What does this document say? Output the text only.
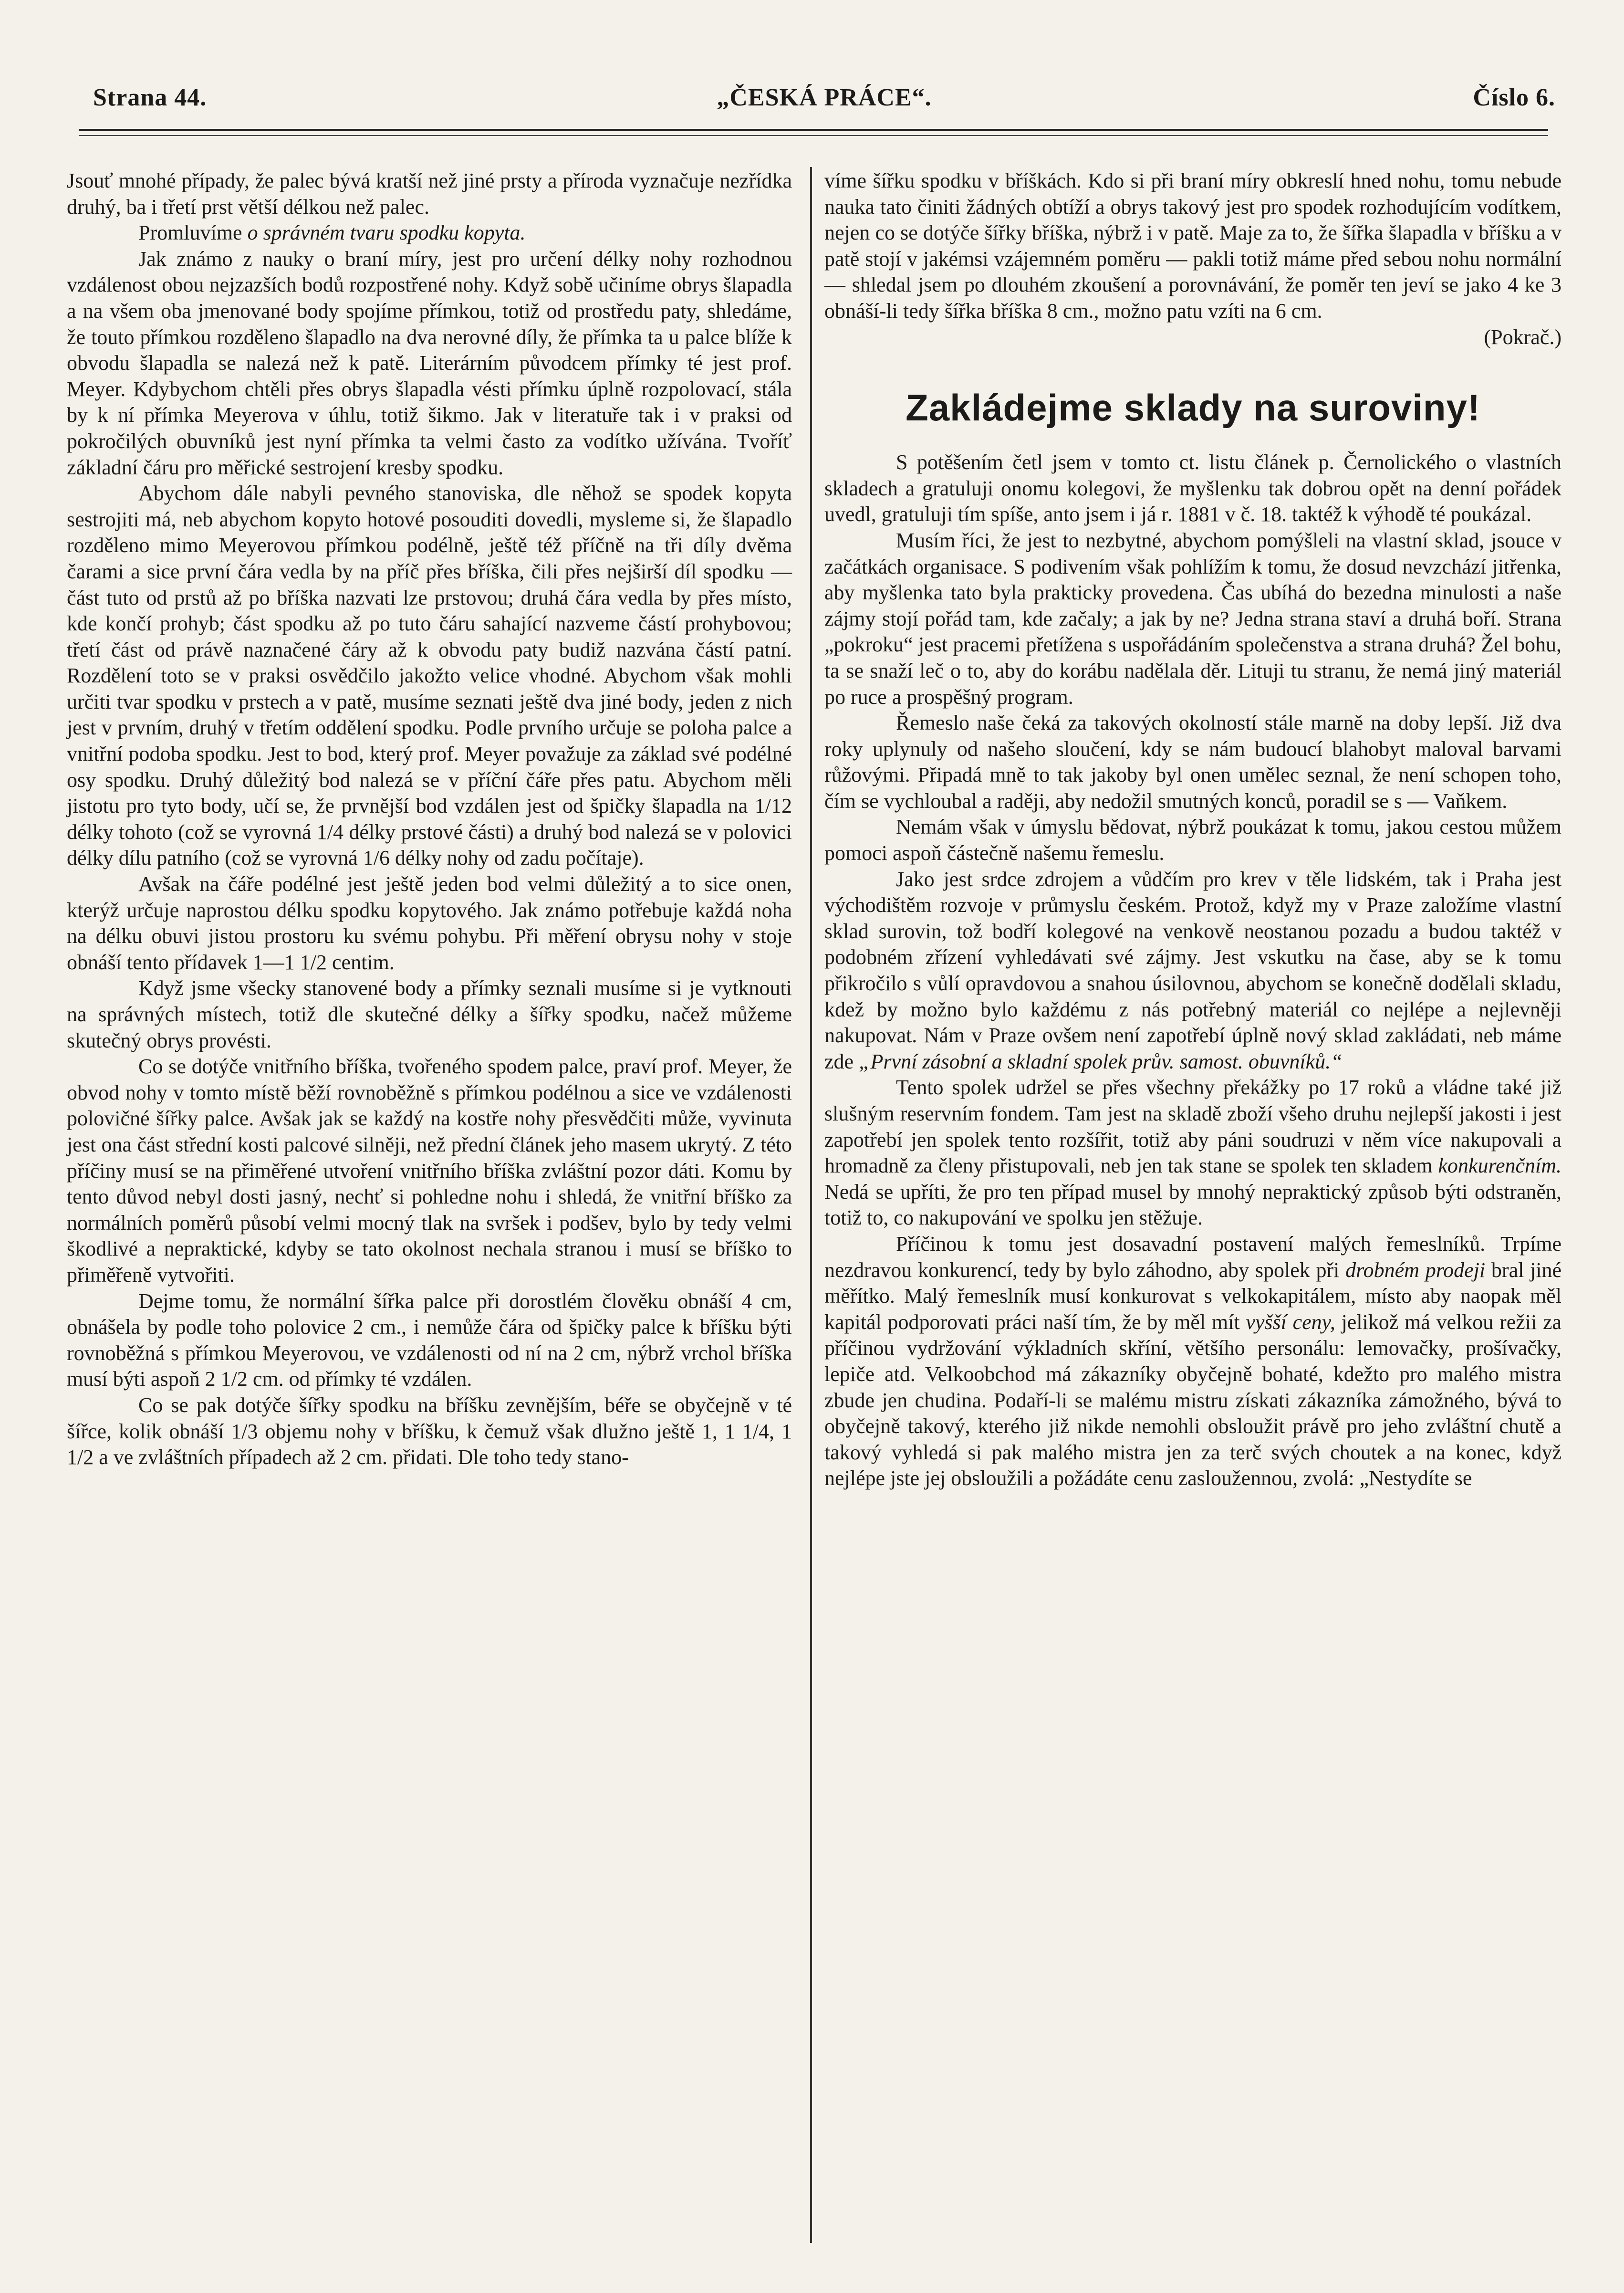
Strana 44.	„ČESKÁ PRÁCE“.	Číslo 6.

Jsouť mnohé případy, že palec bývá kratší než jiné prsty a příroda vyznačuje nezřídka druhý, ba i třetí prst větší délkou než palec.

Promluvíme o správném tvaru spodku kopyta.

Jak známo z nauky o braní míry, jest pro určení délky nohy rozhodnou vzdálenost obou nejzazších bodů rozpostřené nohy. Když sobě učiníme obrys šlapadla a na všem oba jmenované body spojíme přímkou, totiž od prostředu paty, shledáme, že touto přímkou rozděleno šlapadlo na dva nerovné díly, že přímka ta u palce blíže k obvodu šlapadla se nalezá než k patě. Literárním původcem přímky té jest prof. Meyer. Kdybychom chtěli přes obrys šlapadla vésti přímku úplně rozpolovací, stála by k ní přímka Meyerova v úhlu, totiž šikmo. Jak v literatuře tak i v praksi od pokročilých obuvníků jest nyní přímka ta velmi často za vodítko užívána. Tvoříť základní čáru pro měřické sestrojení kresby spodku.

Abychom dále nabyli pevného stanoviska, dle něhož se spodek kopyta sestrojiti má, neb abychom kopyto hotové posouditi dovedli, mysleme si, že šlapadlo rozděleno mimo Meyerovou přímkou podélně, ještě též příčně na tři díly dvěma čarami a sice první čára vedla by na příč přes bříška, čili přes nejširší díl spodku — část tuto od prstů až po bříška nazvati lze prstovou; druhá čára vedla by přes místo, kde končí prohyb; část spodku až po tuto čáru sahající nazveme částí prohybovou; třetí část od právě naznačené čáry až k obvodu paty budiž nazvána částí patní. Rozdělení toto se v praksi osvědčilo jakožto velice vhodné. Abychom však mohli určiti tvar spodku v prstech a v patě, musíme seznati ještě dva jiné body, jeden z nich jest v prvním, druhý v třetím oddělení spodku. Podle prvního určuje se poloha palce a vnitřní podoba spodku. Jest to bod, který prof. Meyer považuje za základ své podélné osy spodku. Druhý důležitý bod nalezá se v příční čáře přes patu. Abychom měli jistotu pro tyto body, učí se, že prvnější bod vzdálen jest od špičky šlapadla na 1/12 délky tohoto (což se vyrovná 1/4 délky prstové části) a druhý bod nalezá se v polovici délky dílu patního (což se vyrovná 1/6 délky nohy od zadu počítaje).

Avšak na čáře podélné jest ještě jeden bod velmi důležitý a to sice onen, kterýž určuje naprostou délku spodku kopytového. Jak známo potřebuje každá noha na délku obuvi jistou prostoru ku svému pohybu. Při měření obrysu nohy v stoje obnáší tento přídavek 1—1 1/2 centim.

Když jsme všecky stanovené body a přímky seznali musíme si je vytknouti na správných místech, totiž dle skutečné délky a šířky spodku, načež můžeme skutečný obrys provésti.

Co se dotýče vnitřního bříška, tvořeného spodem palce, praví prof. Meyer, že obvod nohy v tomto místě běží rovnoběžně s přímkou podélnou a sice ve vzdálenosti polovičné šířky palce. Avšak jak se každý na kostře nohy přesvědčiti může, vyvinuta jest ona část střední kosti palcové silněji, než přední článek jeho masem ukrytý. Z této příčiny musí se na přiměřené utvoření vnitřního bříška zvláštní pozor dáti. Komu by tento důvod nebyl dosti jasný, nechť si pohledne nohu i shledá, že vnitřní bříško za normálních poměrů působí velmi mocný tlak na svršek i podšev, bylo by tedy velmi škodlivé a nepraktické, kdyby se tato okolnost nechala stranou i musí se bříško to přiměřeně vytvořiti.

Dejme tomu, že normální šířka palce při dorostlém člověku obnáší 4 cm, obnášela by podle toho polovice 2 cm., i nemůže čára od špičky palce k bříšku býti rovnoběžná s přímkou Meyerovou, ve vzdálenosti od ní na 2 cm, nýbrž vrchol bříška musí býti aspoň 2 1/2 cm. od přímky té vzdálen.

Co se pak dotýče šířky spodku na bříšku zevnějším, béře se obyčejně v té šířce, kolik obnáší 1/3 objemu nohy v bříšku, k čemuž však dlužno ještě 1, 1 1/4, 1 1/2 a ve zvláštních případech až 2 cm. přidati. Dle toho tedy stano-

víme šířku spodku v bříškách. Kdo si při braní míry obkreslí hned nohu, tomu nebude nauka tato činiti žádných obtíží a obrys takový jest pro spodek rozhodujícím vodítkem, nejen co se dotýče šířky bříška, nýbrž i v patě. Maje za to, že šířka šlapadla v bříšku a v patě stojí v jakémsi vzájemném poměru — pakli totiž máme před sebou nohu normální — shledal jsem po dlouhém zkoušení a porovnávání, že poměr ten jeví se jako 4 ke 3 obnáší-li tedy šířka bříška 8 cm., možno patu vzíti na 6 cm.

(Pokrač.)

Zakládejme sklady na suroviny!

S potěšením četl jsem v tomto ct. listu článek p. Černolického o vlastních skladech a gratuluji onomu kolegovi, že myšlenku tak dobrou opět na denní pořádek uvedl, gratuluji tím spíše, anto jsem i já r. 1881 v č. 18. taktéž k výhodě té poukázal.

Musím říci, že jest to nezbytné, abychom pomýšleli na vlastní sklad, jsouce v začátkách organisace. S podivením však pohlížím k tomu, že dosud nevzchází jitřenka, aby myšlenka tato byla prakticky provedena. Čas ubíhá do bezedna minulosti a naše zájmy stojí pořád tam, kde začaly; a jak by ne? Jedna strana staví a druhá boří. Strana „pokroku“ jest pracemi přetížena s uspořádáním společenstva a strana druhá? Žel bohu, ta se snaží leč o to, aby do korábu nadělala děr. Lituji tu stranu, že nemá jiný materiál po ruce a prospěšný program.

Řemeslo naše čeká za takových okolností stále marně na doby lepší. Již dva roky uplynuly od našeho sloučení, kdy se nám budoucí blahobyt maloval barvami růžovými. Připadá mně to tak jakoby byl onen umělec seznal, že není schopen toho, čím se vychloubal a raději, aby nedožil smutných konců, poradil se s — Vaňkem.

Nemám však v úmyslu bědovat, nýbrž poukázat k tomu, jakou cestou můžem pomoci aspoň částečně našemu řemeslu.

Jako jest srdce zdrojem a vůdčím pro krev v těle lidském, tak i Praha jest východištěm rozvoje v průmyslu českém. Protož, když my v Praze založíme vlastní sklad surovin, tož bodří kolegové na venkově neostanou pozadu a budou taktéž v podobném zřízení vyhledávati své zájmy. Jest vskutku na čase, aby se k tomu přikročilo s vůlí opravdovou a snahou úsilovnou, abychom se konečně dodělali skladu, kdež by možno bylo každému z nás potřebný materiál co nejlépe a nejlevněji nakupovat. Nám v Praze ovšem není zapotřebí úplně nový sklad zakládati, neb máme zde „První zásobní a skladní spolek prův. samost. obuvníků.“

Tento spolek udržel se přes všechny překážky po 17 roků a vládne také již slušným reservním fondem. Tam jest na skladě zboží všeho druhu nejlepší jakosti i jest zapotřebí jen spolek tento rozšířit, totiž aby páni soudruzi v něm více nakupovali a hromadně za členy přistupovali, neb jen tak stane se spolek ten skladem konkurenčním. Nedá se upříti, že pro ten případ musel by mnohý nepraktický způsob býti odstraněn, totiž to, co nakupování ve spolku jen stěžuje.

Příčinou k tomu jest dosavadní postavení malých řemeslníků. Trpíme nezdravou konkurencí, tedy by bylo záhodno, aby spolek při drobném prodeji bral jiné měřítko. Malý řemeslník musí konkurovat s velkokapitálem, místo aby naopak měl kapitál podporovati práci naší tím, že by měl mít vyšší ceny, jelikož má velkou režii za příčinou vydržování výkladních skříní, většího personálu: lemovačky, prošívačky, lepiče atd. Velkoobchod má zákazníky obyčejně bohaté, kdežto pro malého mistra zbude jen chudina. Podaří-li se malému mistru získati zákazníka zámožného, bývá to obyčejně takový, kterého již nikde nemohli obsloužit právě pro jeho zvláštní chutě a takový vyhledá si pak malého mistra jen za terč svých choutek a na konec, když nejlépe jste jej obsloužili a požádáte cenu zasloužennou, zvolá: „Nestydíte se
